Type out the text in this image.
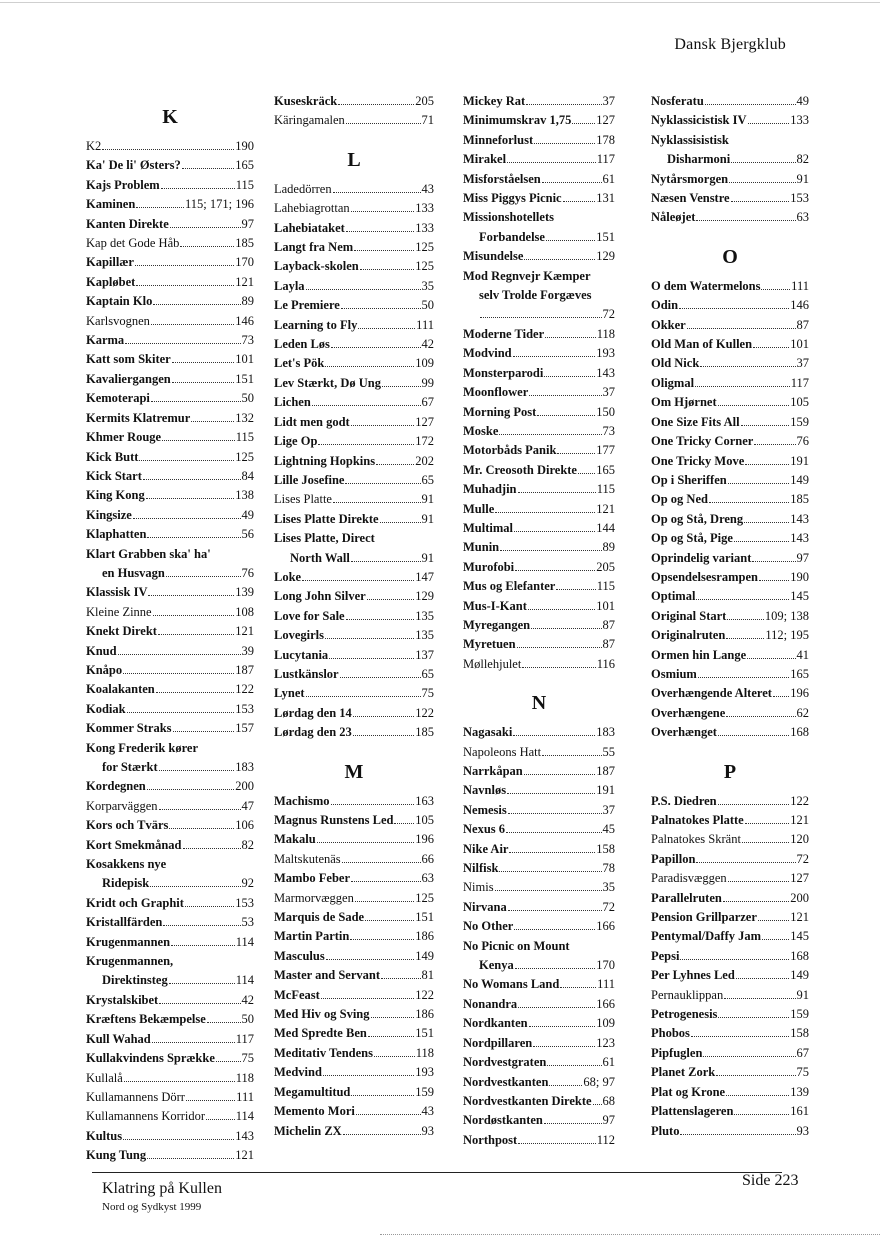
Dansk Bjergklub
K
K2	190
Ka' De li' Østers?	165
Kajs Problem	115
Kaminen	115; 171; 196
Kanten Direkte	97
Kap det Gode Håb	185
Kapillær	170
Kapløbet	121
Kaptain Klo	89
Karlsvognen	146
Karma	73
Katt som Skiter	101
Kavaliergangen	151
Kemoterapi	50
Kermits Klatremur	132
Khmer Rouge	115
Kick Butt	125
Kick Start	84
King Kong	138
Kingsize	49
Klaphatten	56
Klart Grabben ska' ha'
en Husvagn	76
Klassisk IV	139
Kleine Zinne	108
Knekt Direkt	121
Knud	39
Knåpo	187
Koalakanten	122
Kodiak	153
Kommer Straks	157
Kong Frederik kører
for Stærkt	183
Kordegnen	200
Korparväggen	47
Kors och Tvärs	106
Kort Smekmånad	82
Kosakkens nye
Ridepisk	92
Kridt och Graphit	153
Kristallfärden	53
Krugenmannen	114
Krugenmannen,
Direktinsteg	114
Krystalskibet	42
Kræftens Bekæmpelse	50
Kull Wahad	117
Kullakvindens Sprække 75
Kullalå	118
Kullamannens Dörr	111
Kullamannens Korridor 114
Kultus	143
Kung Tung	121
Kuseskräck	205
Käringamalen	71
L
Ladedörren	43
Lahebiagrottan	133
Lahebiataket	133
Langt fra Nem	125
Layback-skolen	125
Layla	35
Le Premiere	50
Learning to Fly	111
Leden Løs	42
Let's Pök	109
Lev Stærkt, Dø Ung	99
Lichen	67
Lidt men godt	127
Lige Op	172
Lightning Hopkins	202
Lille Josefine	65
Lises Platte	91
Lises Platte Direkte	91
Lises Platte, Direct
North Wall	91
Loke	147
Long John Silver	129
Love for Sale	135
Lovegirls	135
Lucytania	137
Lustkänslor	65
Lynet	75
Lørdag den 14	122
Lørdag den 23	185
M
Machismo	163
Magnus Runstens Led 105
Makalu	196
Maltskutenäs	66
Mambo Feber	63
Marmorvæggen	125
Marquis de Sade	151
Martin Partin	186
Masculus	149
Master and Servant	81
McFeast	122
Med Hiv og Sving	186
Med Spredte Ben	151
Meditativ Tendens	118
Medvind	193
Megamultitud	159
Memento Mori	43
Michelin ZX	93
Mickey Rat	37
Minimumskrav 1,75 127
Minneforlust	178
Mirakel	117
Misforståelsen	61
Miss Piggys Picnic	131
Missionshotellets
Forbandelse	151
Misundelse	129
Mod Regnvejr Kæmper
selv Trolde Forgæves
72
Moderne Tider	118
Modvind	193
Monsterparodi	143
Moonflower	37
Morning Post	150
Moske	73
Motorbåds Panik	177
Mr. Creosoth Direkte 165
Muhadjin	115
Mulle	121
Multimal	144
Munin	89
Murofobi	205
Mus og Elefanter	115
Mus-I-Kant	101
Myregangen	87
Myretuen	87
Møllehjulet	116
N
Nagasaki	183
Napoleons Hatt	55
Narrkåpan	187
Navnløs	191
Nemesis	37
Nexus 6	45
Nike Air	158
Nilfisk	78
Nimis	35
Nirvana	72
No Other	166
No Picnic on Mount
Kenya	170
No Womans Land	111
Nonandra	166
Nordkanten	109
Nordpillaren	123
Nordvestgraten	61
Nordvestkanten	68; 97
Nordvestkanten Direkte 68
Nordøstkanten	97
Northpost	112
Nosferatu	49
Nyklassicistisk IV	133
Nyklassisistisk
Disharmoni	82
Nytårsmorgen	91
Næsen Venstre	153
Nåleøjet	63
O
O dem Watermelons 111
Odin	146
Okker	87
Old Man of Kullen	101
Old Nick	37
Oligmal	117
Om Hjørnet	105
One Size Fits All	159
One Tricky Corner	76
One Tricky Move	191
Op i Sheriffen	149
Op og Ned	185
Op og Stå, Dreng	143
Op og Stå, Pige	143
Oprindelig variant	97
Opsendelsesrampen	190
Optimal	145
Original Start	109; 138
Originalruten	112; 195
Ormen hin Lange	41
Osmium	165
Overhængende Alteret 196
Overhængene	62
Overhænget	168
P
P.S. Diedren	122
Palnatokes Platte	121
Palnatokes Skränt	120
Papillon	72
Paradisvæggen	127
Parallelruten	200
Pension Grillparzer	121
Pentymal/Daffy Jam 145
Pepsi	168
Per Lyhnes Led	149
Pernauklippan	91
Petrogenesis	159
Phobos	158
Pipfuglen	67
Planet Zork	75
Plat og Krone	139
Plattenslageren	161
Pluto	93
Klatring på Kullen
Nord og Sydkyst 1999
Side 223
